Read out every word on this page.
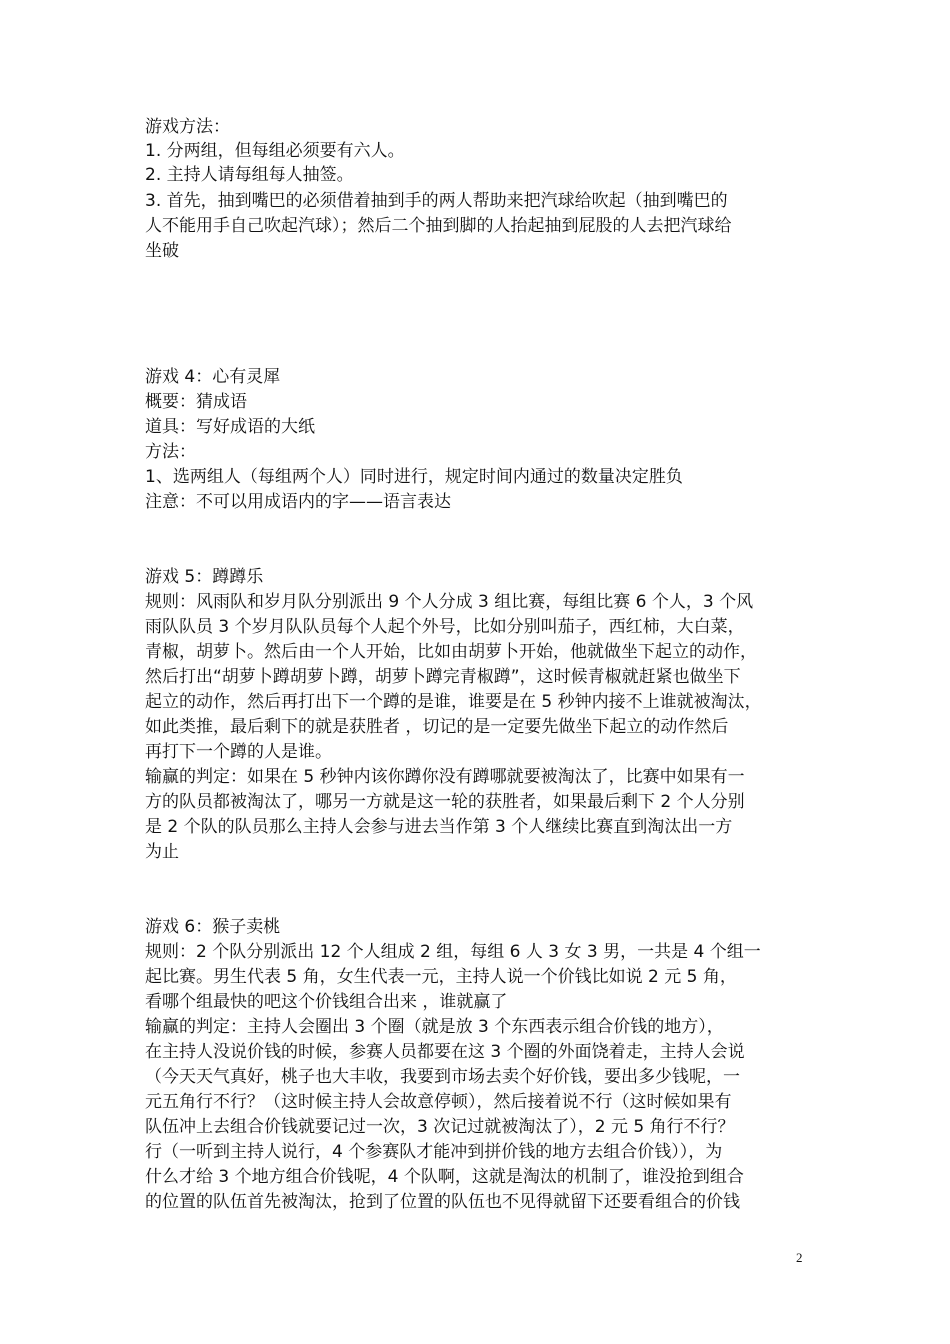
游戏方法：
1. 分两组，但每组必须要有六人。
2. 主持人请每组每人抽签。
3. 首先，抽到嘴巴的必须借着抽到手的两人帮助来把汽球给吹起（抽到嘴巴的
人不能用手自己吹起汽球）；然后二个抽到脚的人抬起抽到屁股的人去把汽球给
坐破
游戏 4：心有灵犀
概要：猜成语
道具：写好成语的大纸
方法：
1、选两组人（每组两个人）同时进行，规定时间内通过的数量决定胜负
注意：不可以用成语内的字——语言表达
游戏 5：蹲蹲乐
规则：风雨队和岁月队分别派出 9 个人分成 3 组比赛，每组比赛 6 个人，3 个风
雨队队员 3 个岁月队队员每个人起个外号，比如分别叫茄子，西红柿，大白菜，
青椒，胡萝卜。然后由一个人开始，比如由胡萝卜开始，他就做坐下起立的动作，
然后打出“胡萝卜蹲胡萝卜蹲，胡萝卜蹲完青椒蹲”，这时候青椒就赶紧也做坐下
起立的动作，然后再打出下一个蹲的是谁，谁要是在 5 秒钟内接不上谁就被淘汰，
如此类推，最后剩下的就是获胜者 ，切记的是一定要先做坐下起立的动作然后
再打下一个蹲的人是谁。
输赢的判定：如果在 5 秒钟内该你蹲你没有蹲哪就要被淘汰了，比赛中如果有一
方的队员都被淘汰了，哪另一方就是这一轮的获胜者，如果最后剩下 2 个人分别
是 2 个队的队员那么主持人会参与进去当作第 3 个人继续比赛直到淘汰出一方
为止
游戏 6：猴子卖桃
规则：2 个队分别派出 12 个人组成 2 组，每组 6 人 3 女 3 男，一共是 4 个组一
起比赛。男生代表 5 角，女生代表一元，主持人说一个价钱比如说 2 元 5 角，
看哪个组最快的吧这个价钱组合出来 ，谁就赢了
输赢的判定：主持人会圈出 3 个圈（就是放 3 个东西表示组合价钱的地方），
在主持人没说价钱的时候，参赛人员都要在这 3 个圈的外面饶着走，主持人会说
（今天天气真好，桃子也大丰收，我要到市场去卖个好价钱，要出多少钱呢，一
元五角行不行？（这时候主持人会故意停顿），然后接着说不行（这时候如果有
队伍冲上去组合价钱就要记过一次，3 次记过就被淘汰了），2 元 5 角行不行？
行（一听到主持人说行，4 个参赛队才能冲到拼价钱的地方去组合价钱）），为
什么才给 3 个地方组合价钱呢，4 个队啊，这就是淘汰的机制了，谁没抢到组合
的位置的队伍首先被淘汰，抢到了位置的队伍也不见得就留下还要看组合的价钱
2
